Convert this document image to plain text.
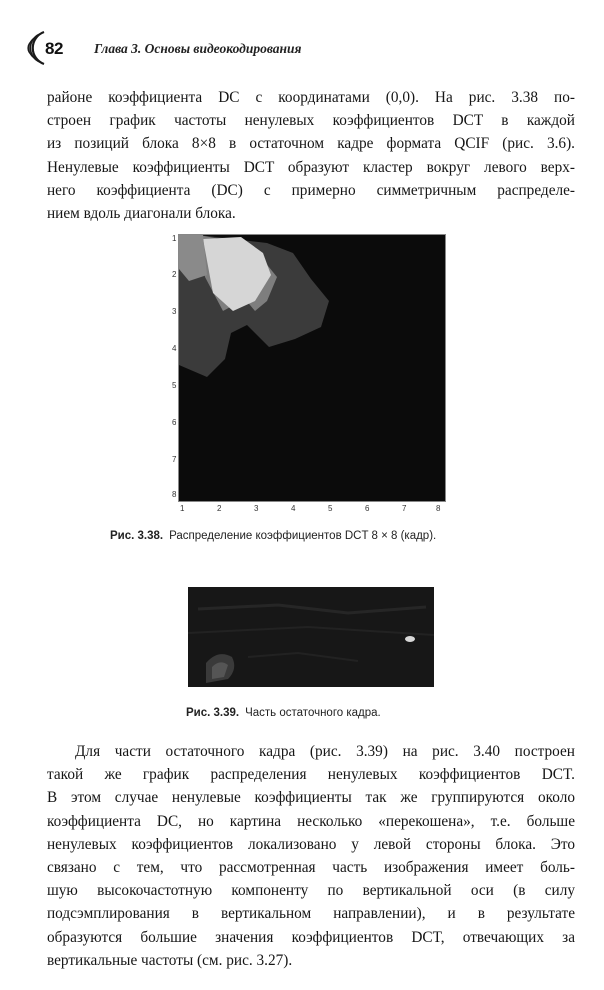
82 Глава 3. Основы видеокодирования

районе коэффициента DC с координатами (0,0). На рис. 3.38 по-
строен график частоты ненулевых коэффициентов DCT в каждой
из позиций блока 8×8 в остаточном кадре формата QCIF (рис. 3.6).
Ненулевые коэффициенты DCT образуют кластер вокруг левого верх-
него коэффициента (DC) с примерно симметричным распределе-
нием вдоль диагонали блока.

1
2
3
4
5
6
7
8
1	2	3	4	5	6	7	8
Рис. 3.38. Распределение коэффициентов DCT 8 × 8 (кадр).
Рис. 3.39. Часть остаточного кадра.

Для части остаточного кадра (рис. 3.39) на рис. 3.40 построен
такой же график распределения ненулевых коэффициентов DCT.
В этом случае ненулевые коэффициенты так же группируются около
коэффициента DC, но картина несколько «перекошена», т.е. больше
ненулевых коэффициентов локализовано у левой стороны блока. Это
связано с тем, что рассмотренная часть изображения имеет боль-
шую высокочастотную компоненту по вертикальной оси (в силу
подсэмплирования в вертикальном направлении), и в результате
образуются большие значения коэффициентов DCT, отвечающих за
вертикальные частоты (см. рис. 3.27).
